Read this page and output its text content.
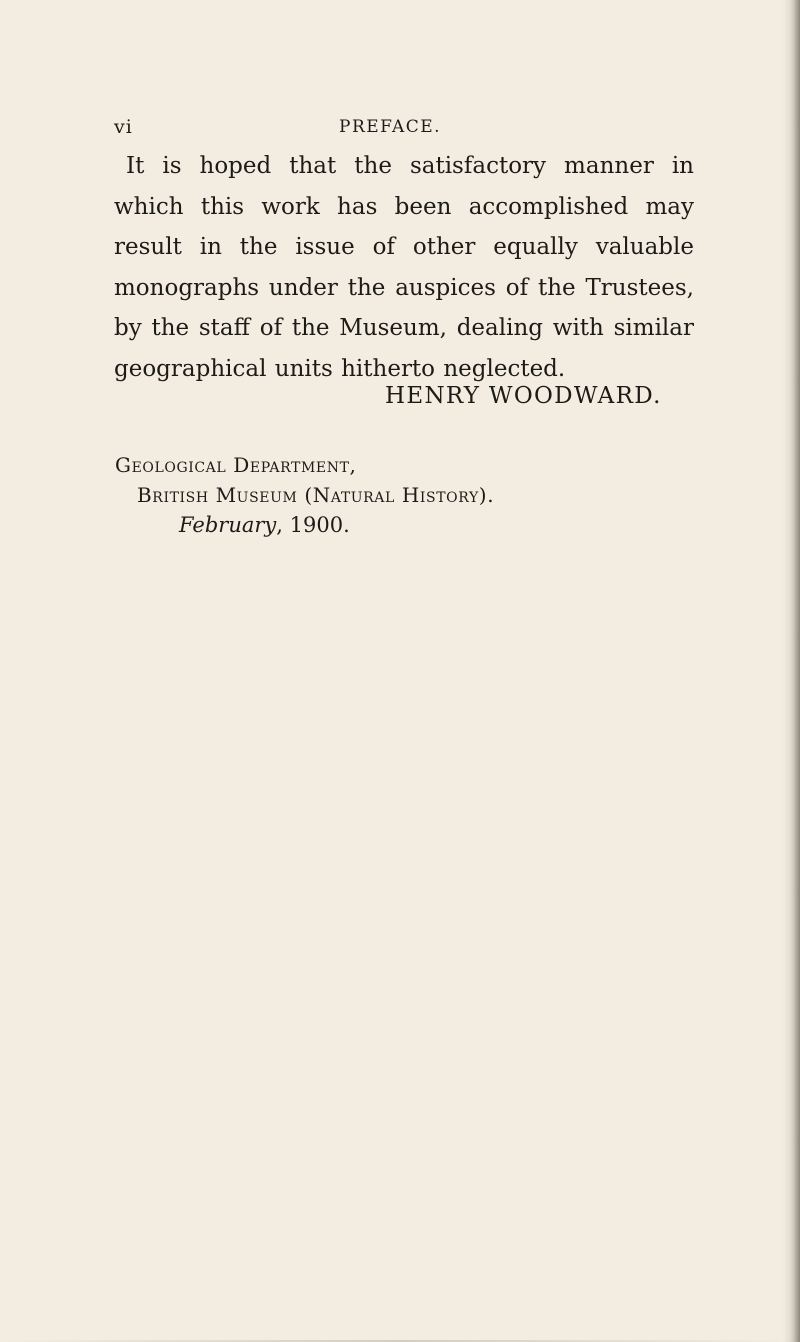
vi	PREFACE.

It is hoped that the satisfactory manner in which this work has been accomplished may result in the issue of other equally valuable monographs under the auspices of the Trustees, by the staff of the Museum, dealing with similar geographical units hitherto neglected.

HENRY WOODWARD.
Geological Department,
British Museum (Natural History).
February, 1900.
